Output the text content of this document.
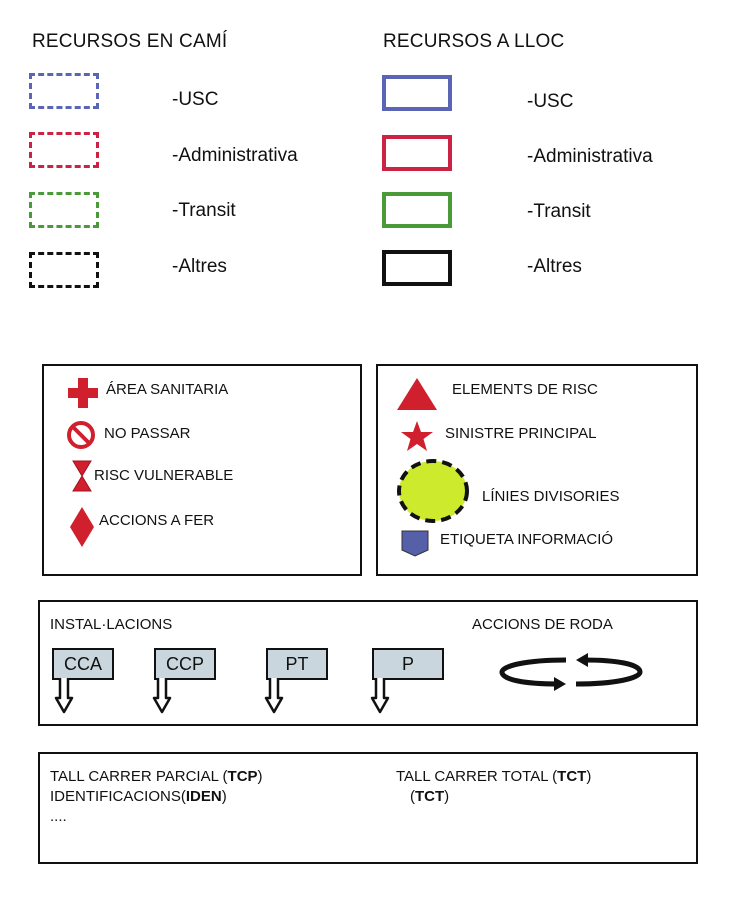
RECURSOS EN CAMÍ	RECURSOS A LLOC
-USC	-USC
-Administrativa	-Administrativa
-Transit	-Transit
-Altres	-Altres
ÁREA SANITARIA
NO PASSAR
RISC VULNERABLE
ACCIONS A FER
ELEMENTS DE RISC
SINISTRE PRINCIPAL
LÍNIES DIVISORIES
ETIQUETA INFORMACIÓ
INSTAL·LACIONS	ACCIONS DE RODA
CCA	CCP	PT	P
TALL CARRER PARCIAL (TCP)
IDENTIFICACIONS(IDEN)
....
TALL CARRER TOTAL (TCT)
(TCT)
